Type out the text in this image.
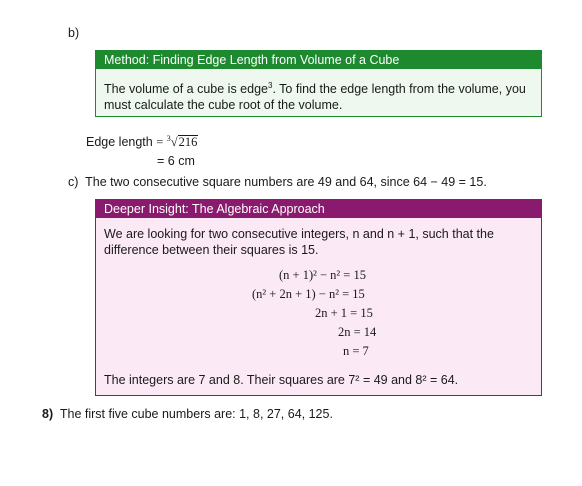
b)
Method: Finding Edge Length from Volume of a Cube
The volume of a cube is edge$^3$. To find the edge length from the volume, you must calculate the cube root of the volume.
Edge length = $^3$√216
= 6 cm
c) The two consecutive square numbers are 49 and 64, since 64 − 49 = 15.
Deeper Insight: The Algebraic Approach
We are looking for two consecutive integers, n and n + 1, such that the difference between their squares is 15.
(n + 1)² − n² = 15
(n² + 2n + 1) − n² = 15
2n + 1 = 15
2n = 14
n = 7
The integers are 7 and 8. Their squares are 7² = 49 and 8² = 64.
8) The first five cube numbers are: 1, 8, 27, 64, 125.
